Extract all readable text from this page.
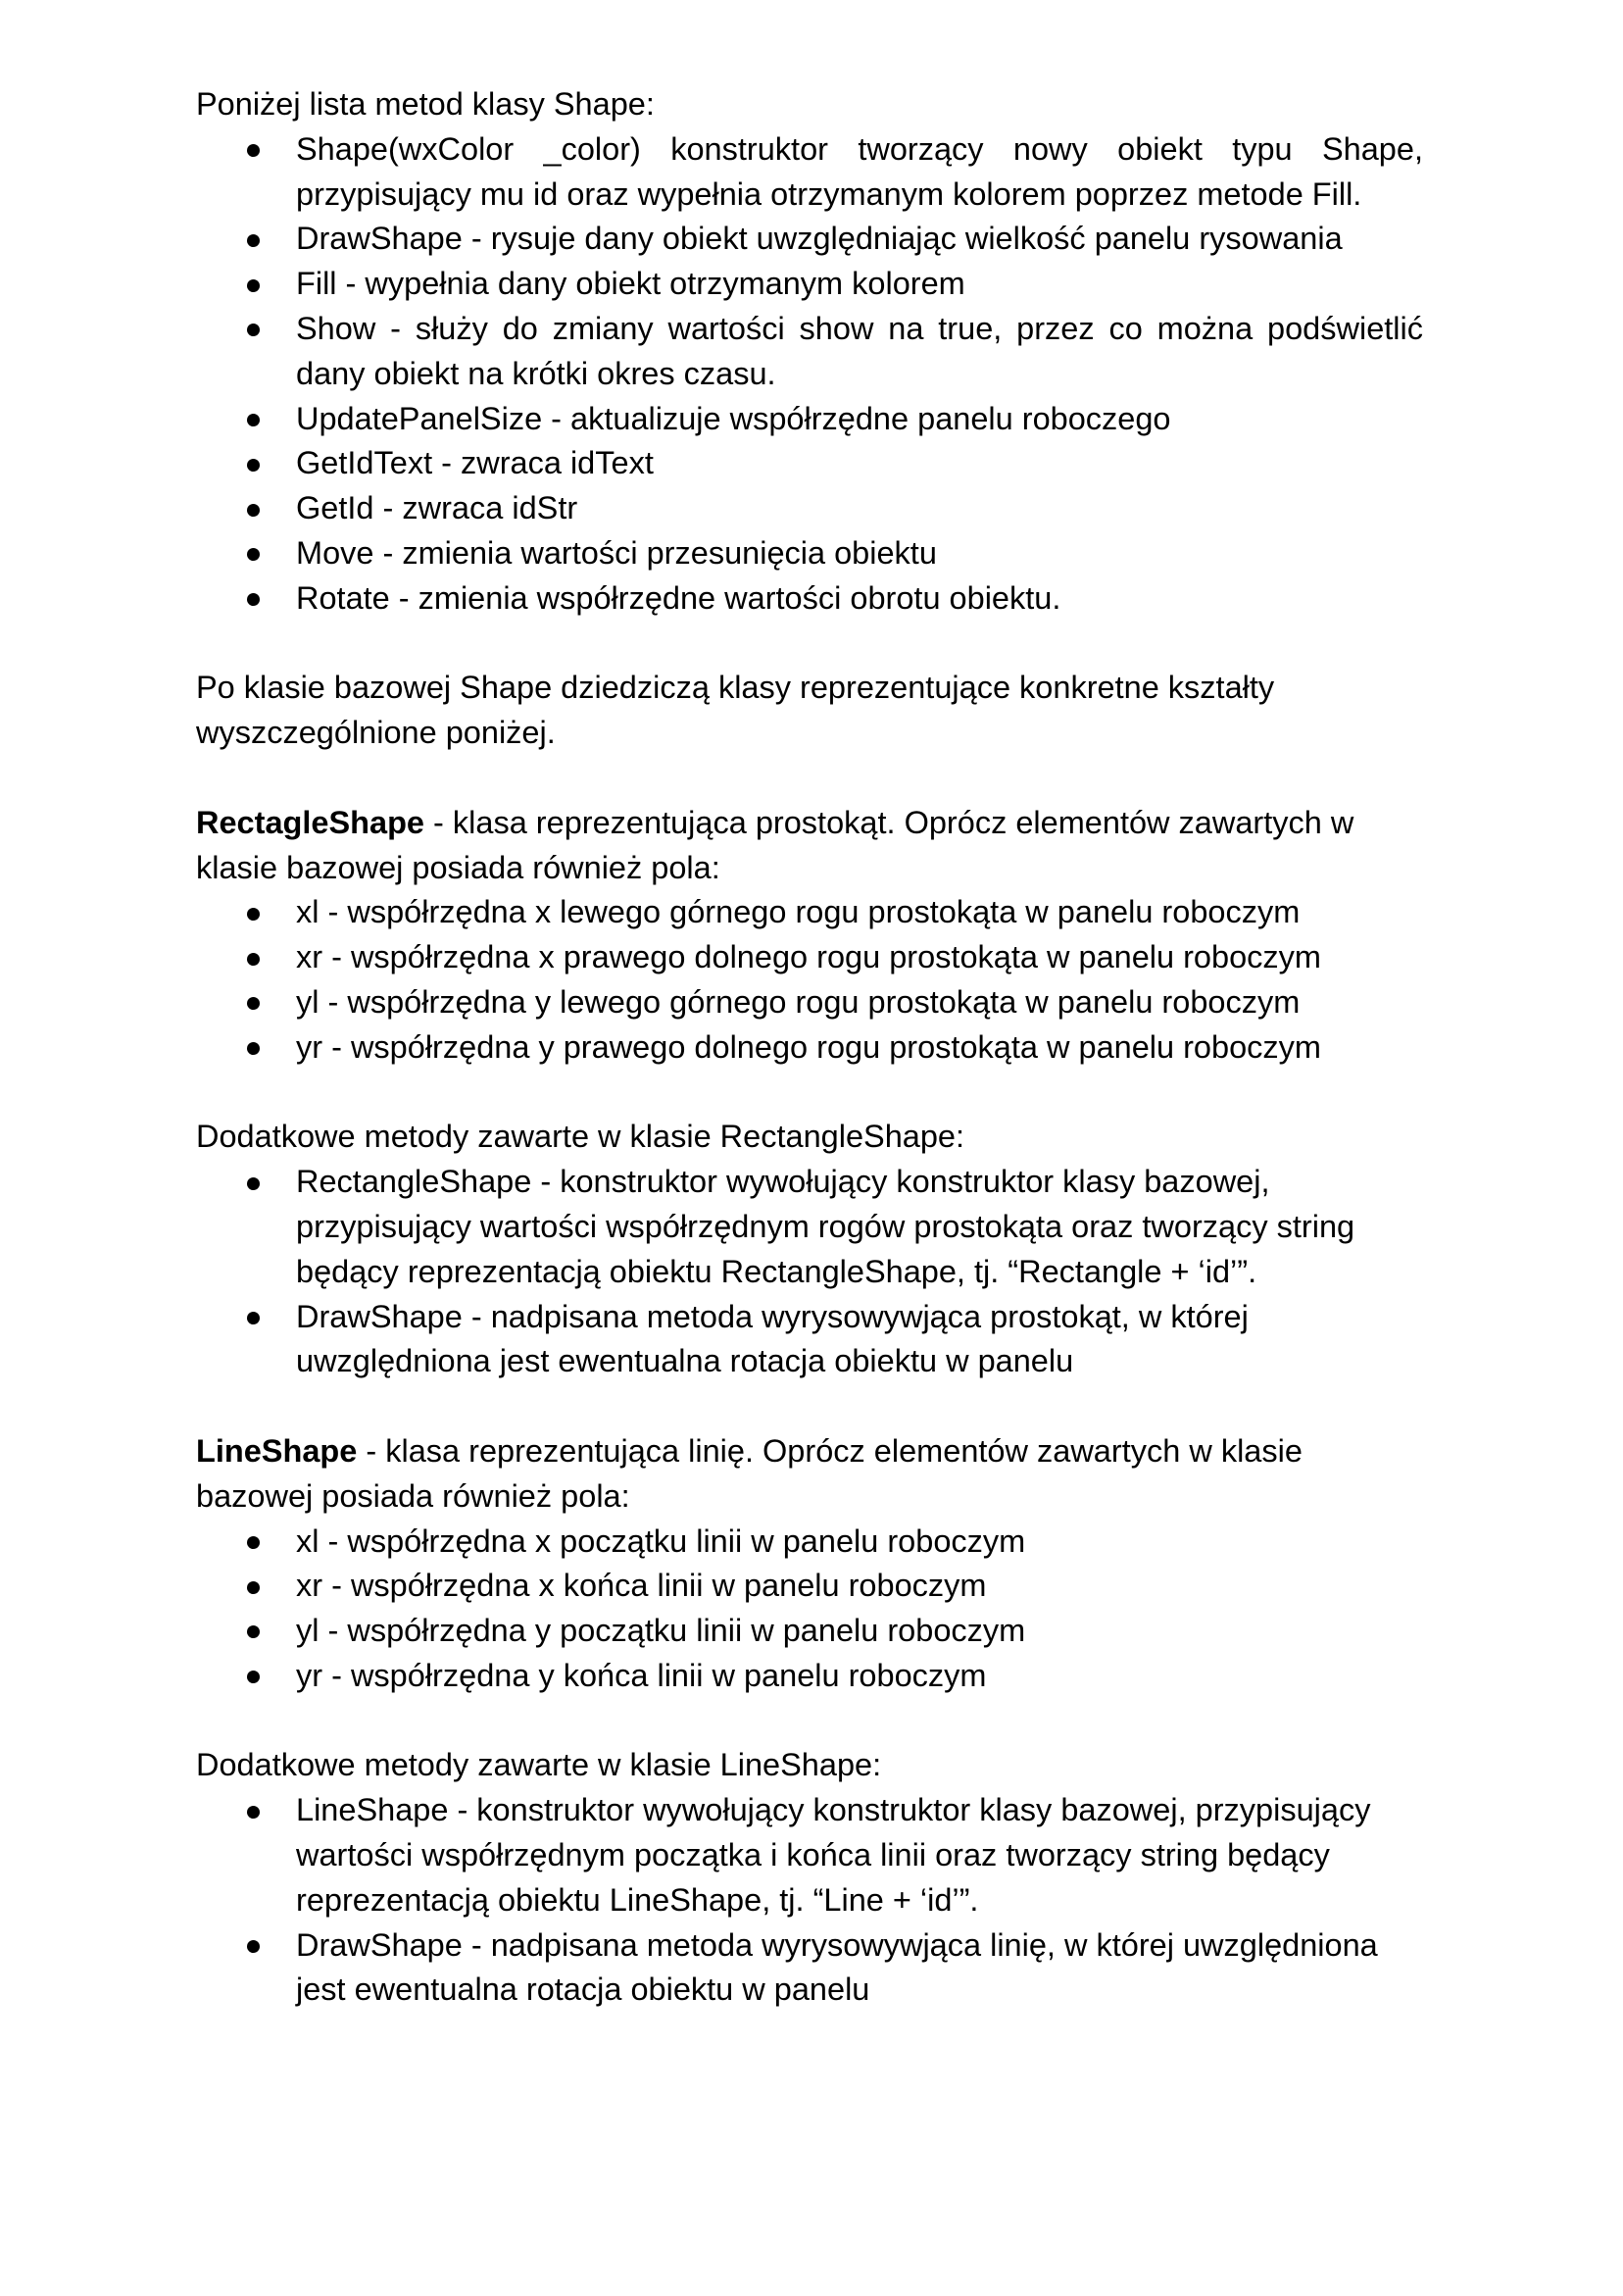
Poniżej lista metod klasy Shape:

Shape(wxColor _color) konstruktor tworzący nowy obiekt typu Shape, przypisujący mu id oraz wypełnia otrzymanym kolorem poprzez metode Fill.
DrawShape - rysuje dany obiekt uwzględniając wielkość panelu rysowania
Fill - wypełnia dany obiekt otrzymanym kolorem
Show - służy do zmiany wartości show na true, przez co można podświetlić dany obiekt na krótki okres czasu.
UpdatePanelSize - aktualizuje współrzędne panelu roboczego
GetIdText - zwraca idText
GetId - zwraca idStr
Move - zmienia wartości przesunięcia obiektu
Rotate - zmienia współrzędne wartości obrotu obiektu.

Po klasie bazowej Shape dziedziczą klasy reprezentujące konkretne kształty wyszczególnione poniżej.

RectagleShape - klasa reprezentująca prostokąt. Oprócz elementów zawartych w klasie bazowej posiada również pola:

xl - współrzędna x lewego górnego rogu prostokąta w panelu roboczym
xr - współrzędna x prawego dolnego rogu prostokąta w panelu roboczym
yl - współrzędna y lewego górnego rogu prostokąta w panelu roboczym
yr - współrzędna y prawego dolnego rogu prostokąta w panelu roboczym

Dodatkowe metody zawarte w klasie RectangleShape:

RectangleShape - konstruktor wywołujący konstruktor klasy bazowej, przypisujący wartości współrzędnym rogów prostokąta oraz tworzący string będący reprezentacją obiektu RectangleShape, tj. “Rectangle + ‘id’”.
DrawShape - nadpisana metoda wyrysowywjąca prostokąt, w której uwzględniona jest ewentualna rotacja obiektu w panelu

LineShape - klasa reprezentująca linię. Oprócz elementów zawartych w klasie bazowej posiada również pola:

xl - współrzędna x początku linii w panelu roboczym
xr - współrzędna x końca linii w panelu roboczym
yl - współrzędna y początku linii w panelu roboczym
yr - współrzędna y końca linii w panelu roboczym

Dodatkowe metody zawarte w klasie LineShape:

LineShape - konstruktor wywołujący konstruktor klasy bazowej, przypisujący wartości współrzędnym początka i końca linii oraz tworzący string będący reprezentacją obiektu LineShape, tj. “Line + ‘id’”.
DrawShape - nadpisana metoda wyrysowywjąca linię, w której uwzględniona jest ewentualna rotacja obiektu w panelu
